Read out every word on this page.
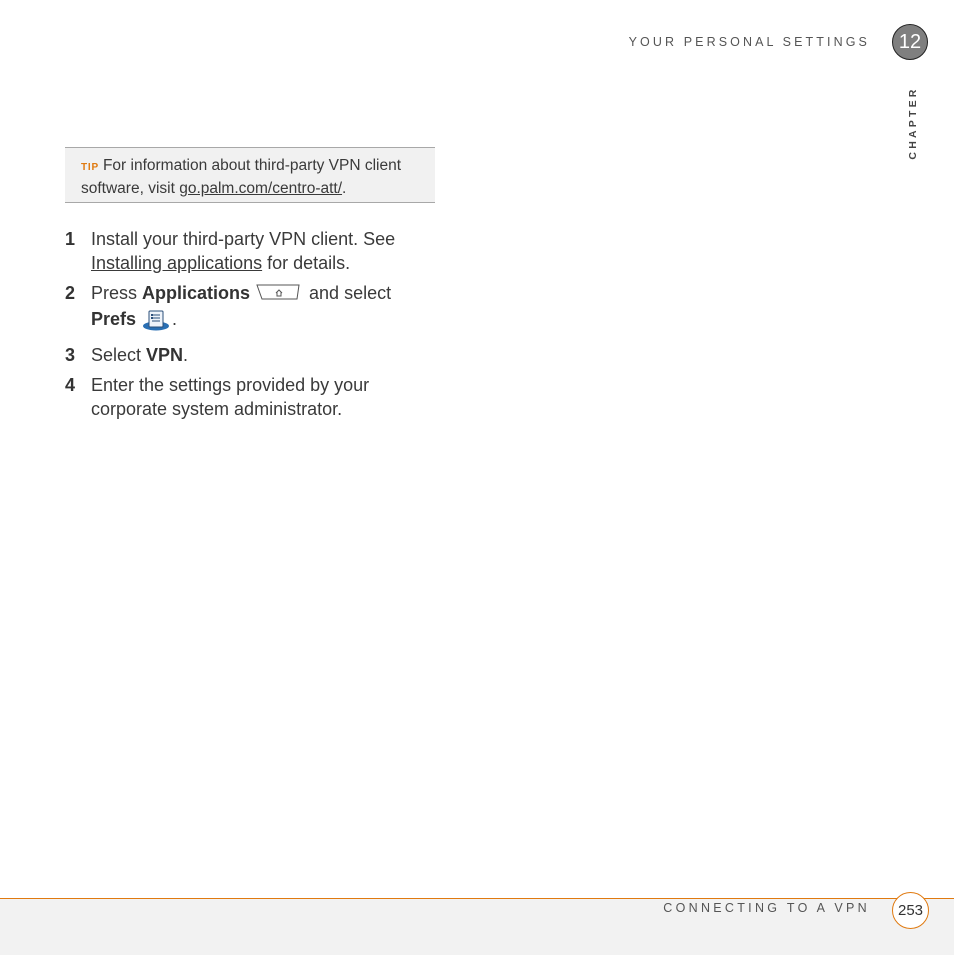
YOUR PERSONAL SETTINGS	12
CHAPTER
TIP For information about third-party VPN client software, visit go.palm.com/centro-att/.
1 Install your third-party VPN client. See Installing applications for details.
2 Press Applications	and select Prefs .
3 Select VPN.
4 Enter the settings provided by your corporate system administrator.
CONNECTING TO A VPN	253
